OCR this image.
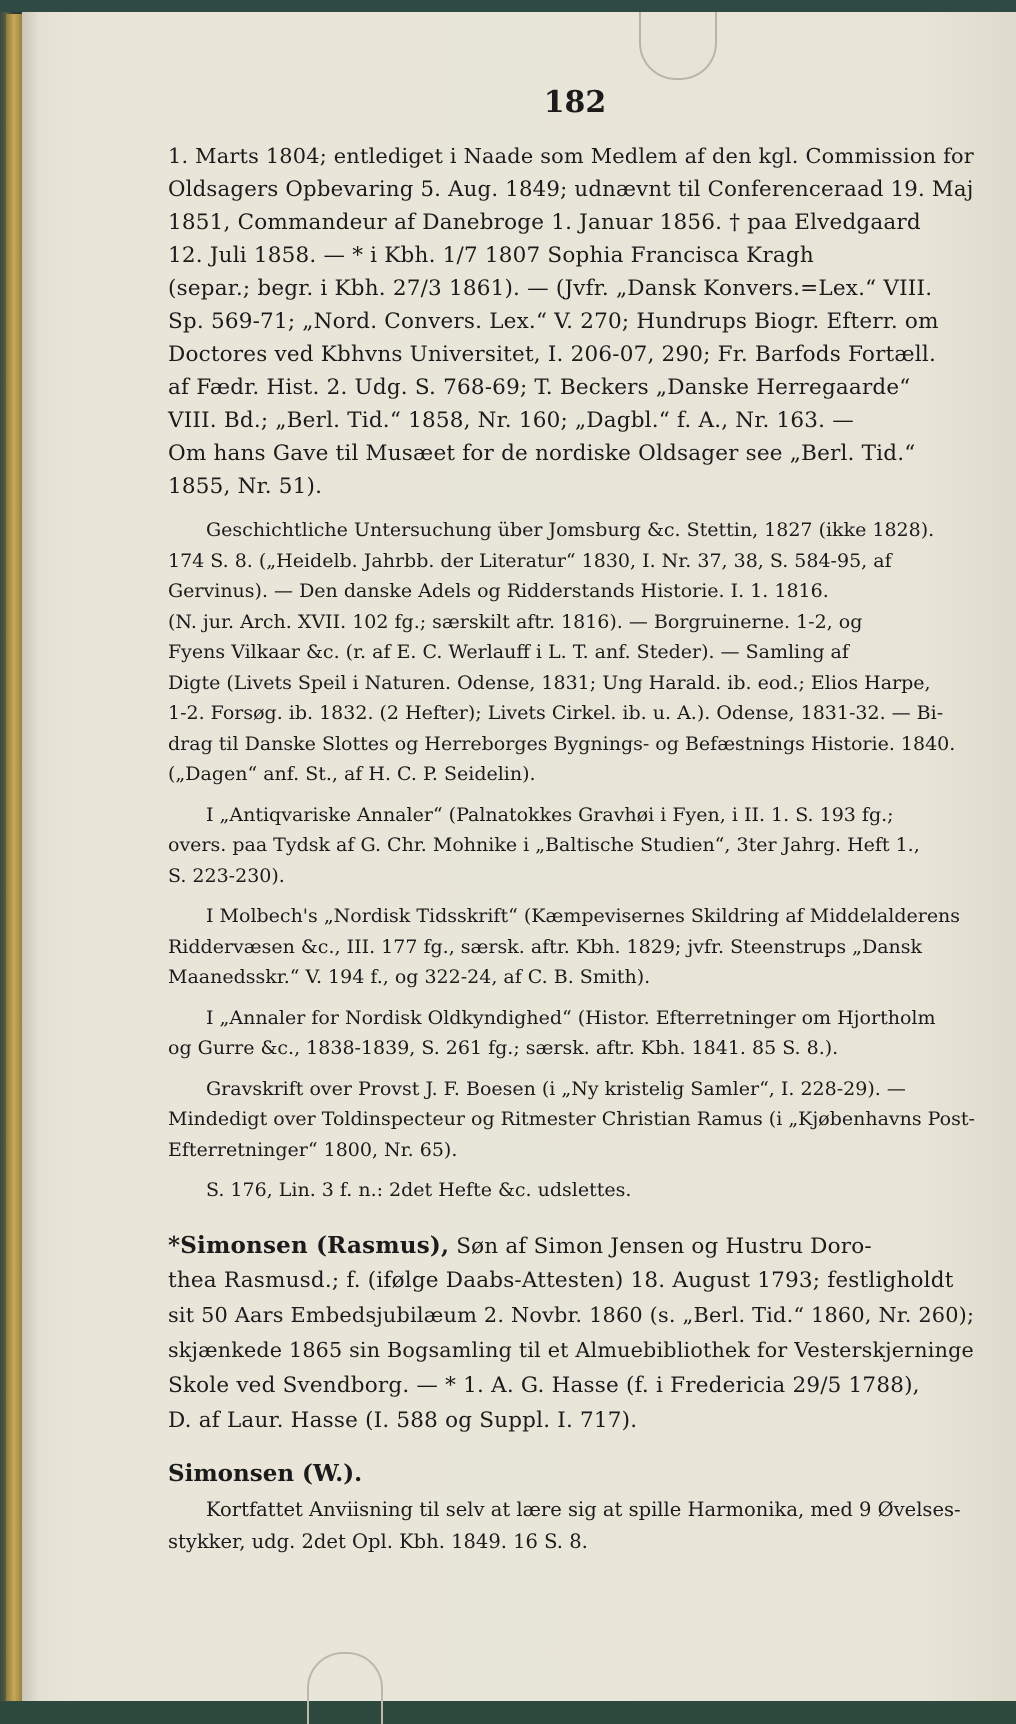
182
1. Marts 1804; entlediget i Naade som Medlem af den kgl. Commission for
Oldsagers Opbevaring 5. Aug. 1849; udnævnt til Conferenceraad 19. Maj
1851, Commandeur af Danebroge 1. Januar 1856. † paa Elvedgaard
12. Juli 1858. — * i Kbh. 1/7 1807 Sophia Francisca Kragh
(separ.; begr. i Kbh. 27/3 1861). — (Jvfr. „Dansk Konvers.=Lex.“ VIII.
Sp. 569-71; „Nord. Convers. Lex.“ V. 270; Hundrups Biogr. Efterr. om
Doctores ved Kbhvns Universitet, I. 206-07, 290; Fr. Barfods Fortæll.
af Fædr. Hist. 2. Udg. S. 768-69; T. Beckers „Danske Herregaarde“
VIII. Bd.; „Berl. Tid.“ 1858, Nr. 160; „Dagbl.“ f. A., Nr. 163. —
Om hans Gave til Musæet for de nordiske Oldsager see „Berl. Tid.“
1855, Nr. 51).
Geschichtliche Untersuchung über Jomsburg &c. Stettin, 1827 (ikke 1828).
174 S. 8. („Heidelb. Jahrbb. der Literatur“ 1830, I. Nr. 37, 38, S. 584-95, af
Gervinus). — Den danske Adels og Ridderstands Historie. I. 1. 1816.
(N. jur. Arch. XVII. 102 fg.; særskilt aftr. 1816). — Borgruinerne. 1-2, og
Fyens Vilkaar &c. (r. af E. C. Werlauff i L. T. anf. Steder). — Samling af
Digte (Livets Speil i Naturen. Odense, 1831; Ung Harald. ib. eod.; Elios Harpe,
1-2. Forsøg. ib. 1832. (2 Hefter); Livets Cirkel. ib. u. A.). Odense, 1831-32. — Bi-
drag til Danske Slottes og Herreborges Bygnings- og Befæstnings Historie. 1840.
(„Dagen“ anf. St., af H. C. P. Seidelin).
I „Antiqvariske Annaler“ (Palnatokkes Gravhøi i Fyen, i II. 1. S. 193 fg.;
overs. paa Tydsk af G. Chr. Mohnike i „Baltische Studien“, 3ter Jahrg. Heft 1.,
S. 223-230).
I Molbech's „Nordisk Tidsskrift“ (Kæmpevisernes Skildring af Middelalderens
Riddervæsen &c., III. 177 fg., særsk. aftr. Kbh. 1829; jvfr. Steenstrups „Dansk
Maanedsskr.“ V. 194 f., og 322-24, af C. B. Smith).
I „Annaler for Nordisk Oldkyndighed“ (Histor. Efterretninger om Hjortholm
og Gurre &c., 1838-1839, S. 261 fg.; særsk. aftr. Kbh. 1841. 85 S. 8.).
Gravskrift over Provst J. F. Boesen (i „Ny kristelig Samler“, I. 228-29). —
Mindedigt over Toldinspecteur og Ritmester Christian Ramus (i „Kjøbenhavns Post-
Efterretninger“ 1800, Nr. 65).
S. 176, Lin. 3 f. n.: 2det Hefte &c. udslettes.
*Simonsen (Rasmus), Søn af Simon Jensen og Hustru Doro-
thea Rasmusd.; f. (ifølge Daabs-Attesten) 18. August 1793; festligholdt
sit 50 Aars Embedsjubilæum 2. Novbr. 1860 (s. „Berl. Tid.“ 1860, Nr. 260);
skjænkede 1865 sin Bogsamling til et Almuebibliothek for Vesterskjerninge
Skole ved Svendborg. — * 1. A. G. Hasse (f. i Fredericia 29/5 1788),
D. af Laur. Hasse (I. 588 og Suppl. I. 717).
Simonsen (W.).
Kortfattet Anviisning til selv at lære sig at spille Harmonika, med 9 Øvelses-
stykker, udg. 2det Opl. Kbh. 1849. 16 S. 8.
